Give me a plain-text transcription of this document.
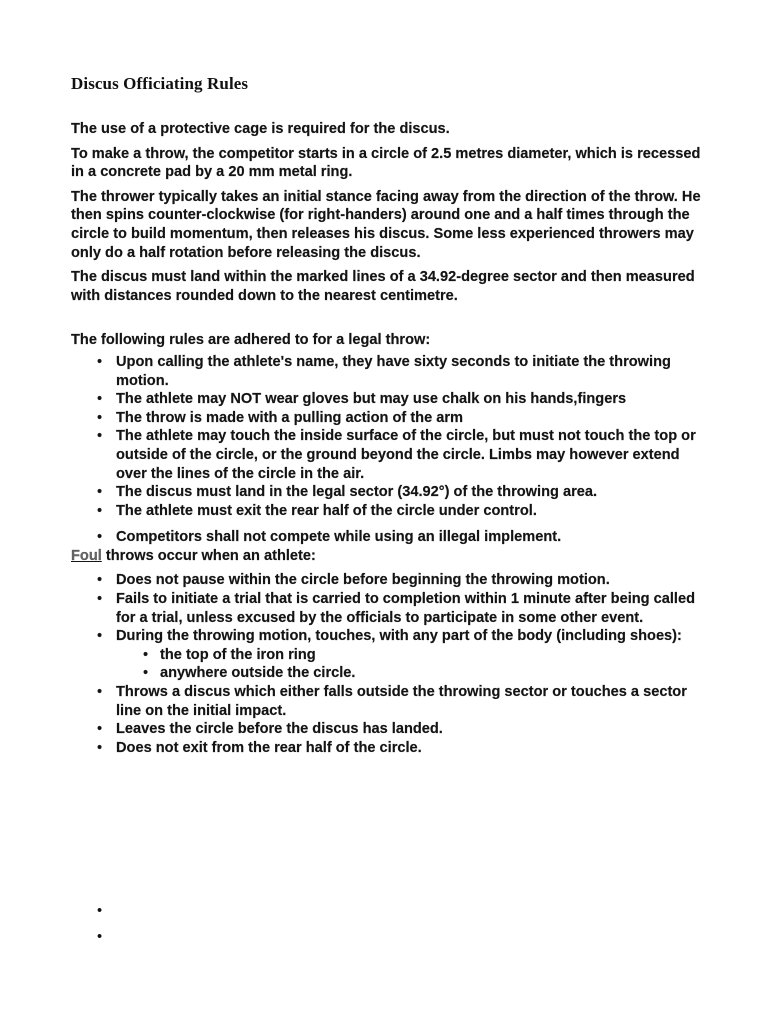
Discus Officiating Rules

The use of a protective cage is required for the discus.

To make a throw, the competitor starts in a circle of 2.5 metres diameter, which is recessed in a concrete pad by a 20 mm metal ring.

The thrower typically takes an initial stance facing away from the direction of the throw. He then spins counter-clockwise (for right-handers) around one and a half times through the circle to build momentum, then releases his discus. Some less experienced throwers may only do a half rotation before releasing the discus.

The discus must land within the marked lines of a 34.92-degree sector and then measured with distances rounded down to the nearest centimetre.

The following rules are adhered to for a legal throw:

• Upon calling the athlete's name, they have sixty seconds to initiate the throwing motion.
• The athlete may NOT wear gloves but may use chalk on his hands,fingers
• The throw is made with a pulling action of the arm
• The athlete may touch the inside surface of the circle, but must not touch the top or outside of the circle, or the ground beyond the circle. Limbs may however extend over the lines of the circle in the air.
• The discus must land in the legal sector (34.92°) of the throwing area.
• The athlete must exit the rear half of the circle under control.
• Competitors shall not compete while using an illegal implement.

Foul throws occur when an athlete:

• Does not pause within the circle before beginning the throwing motion.
• Fails to initiate a trial that is carried to completion within 1 minute after being called for a trial, unless excused by the officials to participate in some other event.
• During the throwing motion, touches, with any part of the body (including shoes):
• the top of the iron ring
• anywhere outside the circle.
• Throws a discus which either falls outside the throwing sector or touches a sector line on the initial impact.
• Leaves the circle before the discus has landed.
• Does not exit from the rear half of the circle.
•
•
